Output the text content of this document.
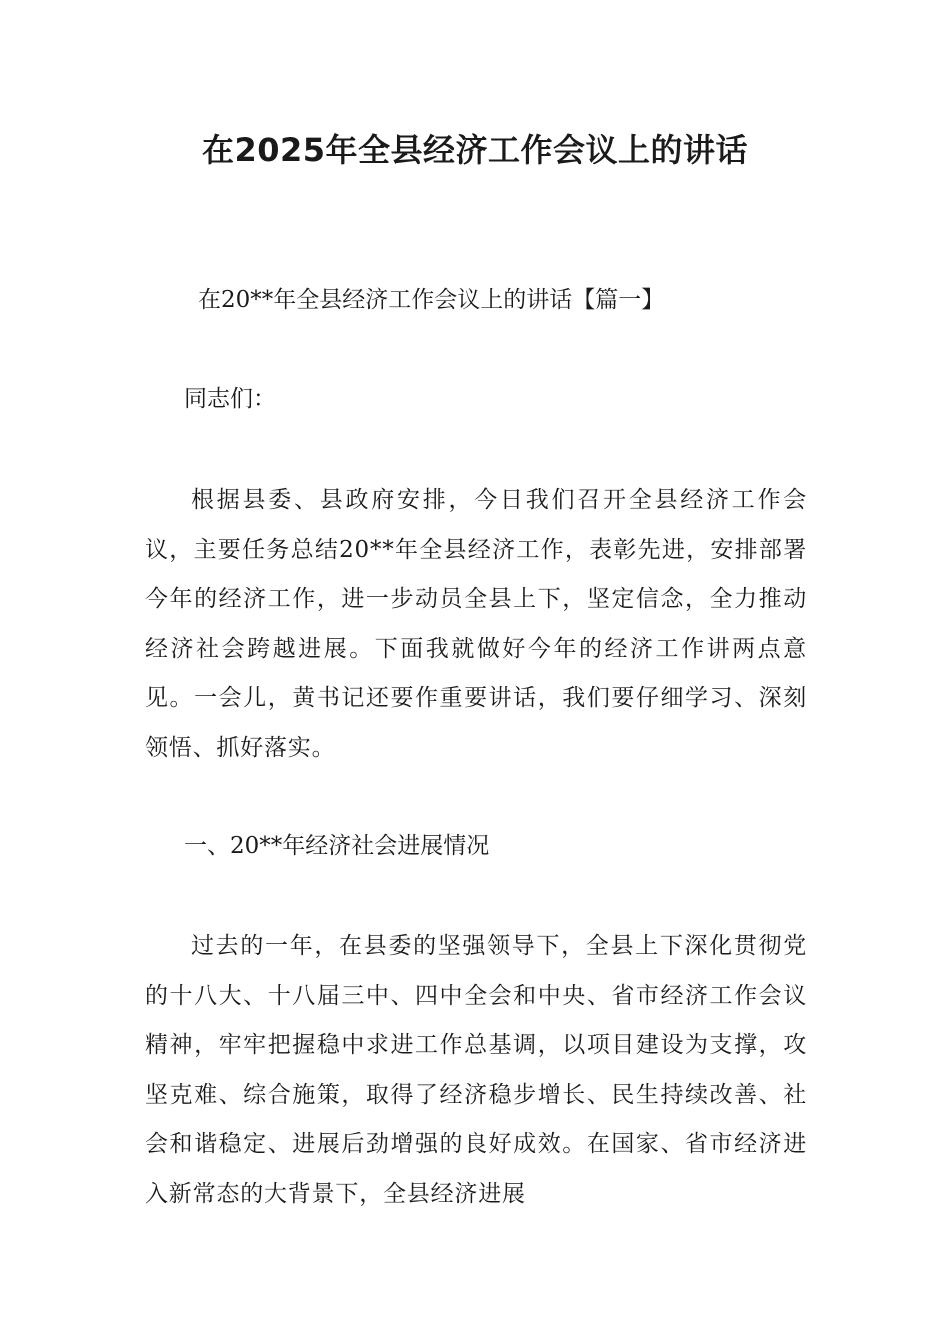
在2025年全县经济工作会议上的讲话

在20**年全县经济工作会议上的讲话【篇一】

同志们：

根据县委、县政府安排，今日我们召开全县经济工作会议，主要任务总结20**年全县经济工作，表彰先进，安排部署今年的经济工作，进一步动员全县上下，坚定信念，全力推动经济社会跨越进展。下面我就做好今年的经济工作讲两点意见。一会儿，黄书记还要作重要讲话，我们要仔细学习、深刻领悟、抓好落实。

一、20**年经济社会进展情况

过去的一年，在县委的坚强领导下，全县上下深化贯彻党的十八大、十八届三中、四中全会和中央、省市经济工作会议精神，牢牢把握稳中求进工作总基调，以项目建设为支撑，攻坚克难、综合施策，取得了经济稳步增长、民生持续改善、社会和谐稳定、进展后劲增强的良好成效。在国家、省市经济进入新常态的大背景下，全县经济进展
